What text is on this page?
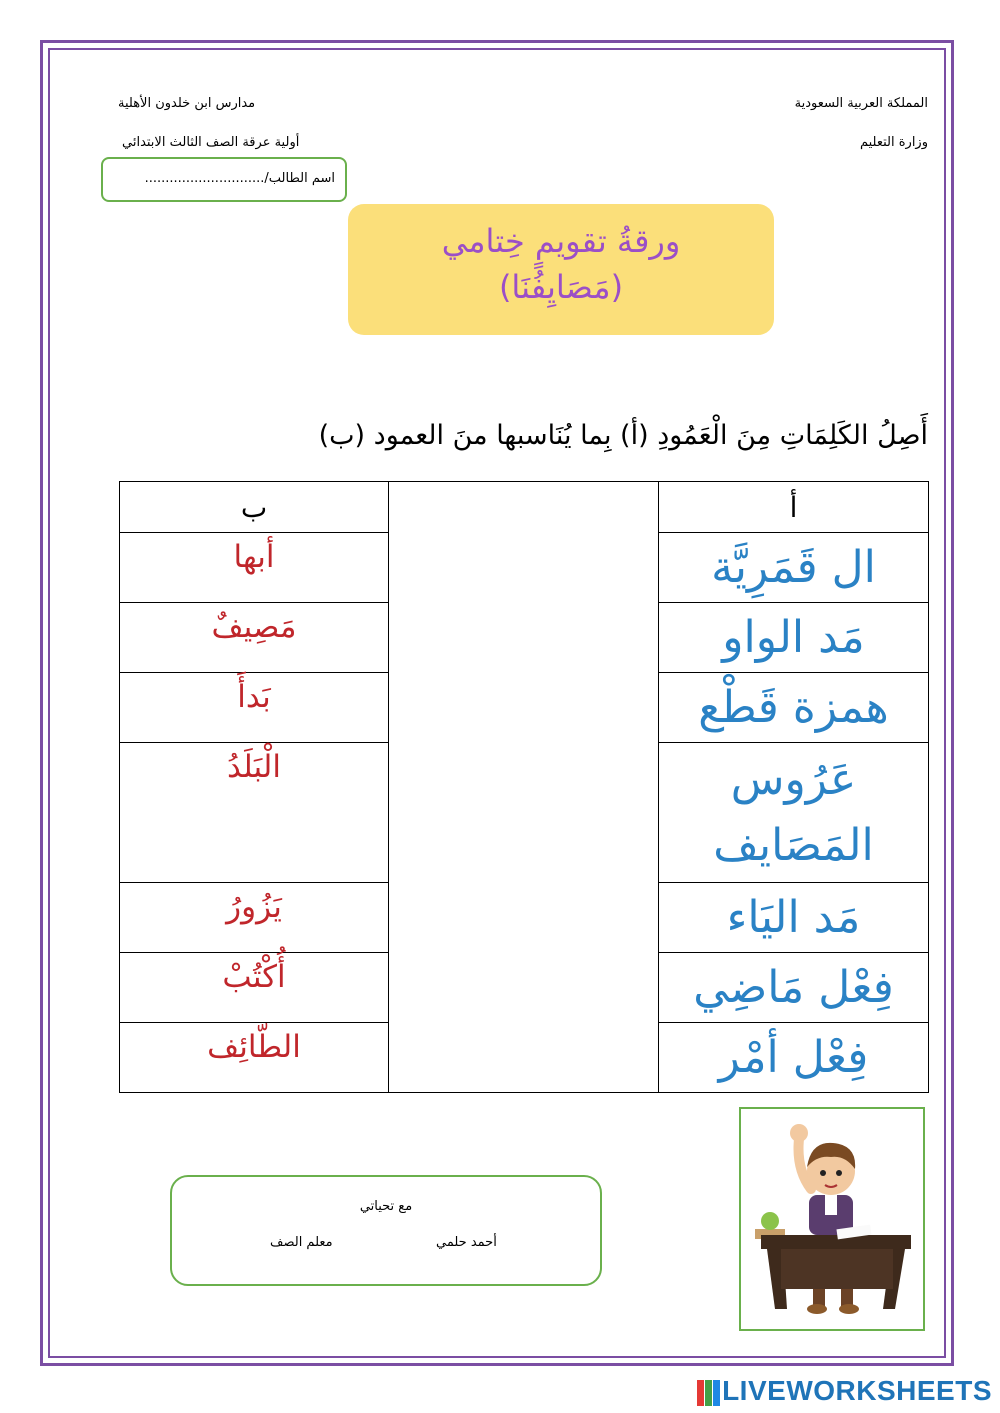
المملكة العربية السعودية
وزارة التعليم
مدارس ابن خلدون الأهلية
أولية عرقة الصف الثالث الابتدائي
اسم الطالب/.............................
ورقةُ تقويمٍ خِتامي
(مَصَايِفُنَا)
أَصِلُ الكَلِمَاتِ مِنَ الْعَمُودِ (أ) بِما يُنَاسبها منَ العمود (ب)
ب		أ
أبها		ال قَمَرِيَّة
مَصِيفٌ		مَد الواو
بَدأَ		همزة قَطْع
الْبَلَدُ		عَرُوس المَصَايف
يَزُورُ		مَد اليَاء
أُكْتُبْ		فِعْل مَاضِي
الطّائِف		فِعْل أمْر
مع تحياتي
أحمد حلمي
معلم الصف
LIVEWORKSHEETS
